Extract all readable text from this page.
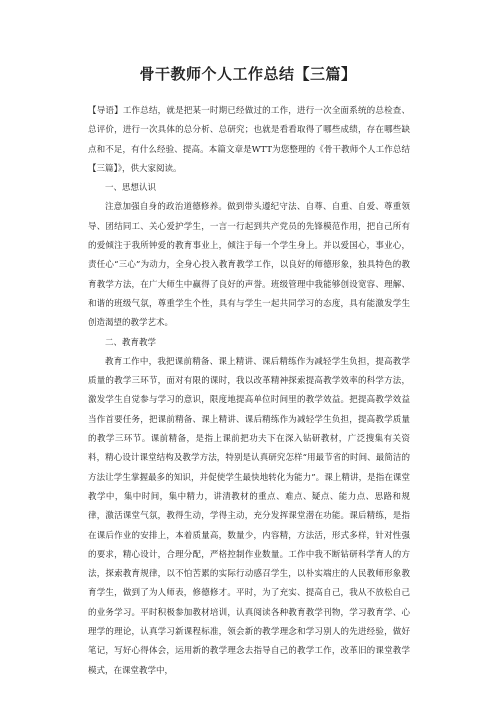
骨干教师个人工作总结【三篇】

【导语】工作总结，就是把某一时期已经做过的工作，进行一次全面系统的总检查、总评价，进行一次具体的总分析、总研究；也就是看看取得了哪些成绩，存在哪些缺点和不足，有什么经验、提高。本篇文章是WTT为您整理的《骨干教师个人工作总结【三篇】》，供大家阅读。

一、思想认识

注意加强自身的政治道德修养。做到带头遵纪守法、自尊、自重、自爱、尊重领导、团结同工、关心爱护学生，一言一行起到共产党员的先锋模范作用，把自己所有的爱倾注于我所钟爱的教育事业上，倾注于每一个学生身上。并以爱国心，事业心，责任心“三心”为动力，全身心投入教育教学工作，以良好的师德形象，独具特色的教育教学方法，在广大师生中赢得了良好的声誉。班级管理中我能够创设宽容、理解、和谐的班级气氛，尊重学生个性，具有与学生一起共同学习的态度，具有能激发学生创造渴望的教学艺术。

二、教育教学

教育工作中，我把课前精备、课上精讲、课后精练作为减轻学生负担，提高教学质量的教学三环节，面对有限的课时，我以改革精神探索提高教学效率的科学方法，激发学生自觉参与学习的意识，限度地提高单位时间里的教学效益。把提高教学效益当作首要任务，把课前精备、课上精讲、课后精练作为减轻学生负担，提高教学质量的教学三环节。课前精备，是指上课前把功夫下在深入钻研教材，广泛搜集有关资料，精心设计课堂结构及教学方法，特别是认真研究怎样“用最节省的时间、最简洁的方法让学生掌握最多的知识，并促使学生最快地转化为能力”。课上精讲，是指在课堂教学中，集中时间，集中精力，讲清教材的重点、难点、疑点、能力点、思路和规律，激活课堂气氛，教得生动，学得主动，充分发挥课堂潜在功能。课后精练，是指在课后作业的安排上，本着质量高，数量少，内容精，方法活，形式多样，针对性强的要求，精心设计，合理分配，严格控制作业数量。工作中我不断钻研科学育人的方法，探索教育规律，以不怕苦累的实际行动感召学生，以朴实端庄的人民教师形象教育学生，做到了为人师表，修德修才。平时，为了充实、提高自己，我从不放松自己的业务学习。平时积极参加教材培训，认真阅读各种教育教学刊物，学习教育学、心理学的理论，认真学习新课程标准，领会新的教学理念和学习别人的先进经验，做好笔记，写好心得体会，运用新的教学理念去指导自己的教学工作，改革旧的课堂教学模式，在课堂教学中，
